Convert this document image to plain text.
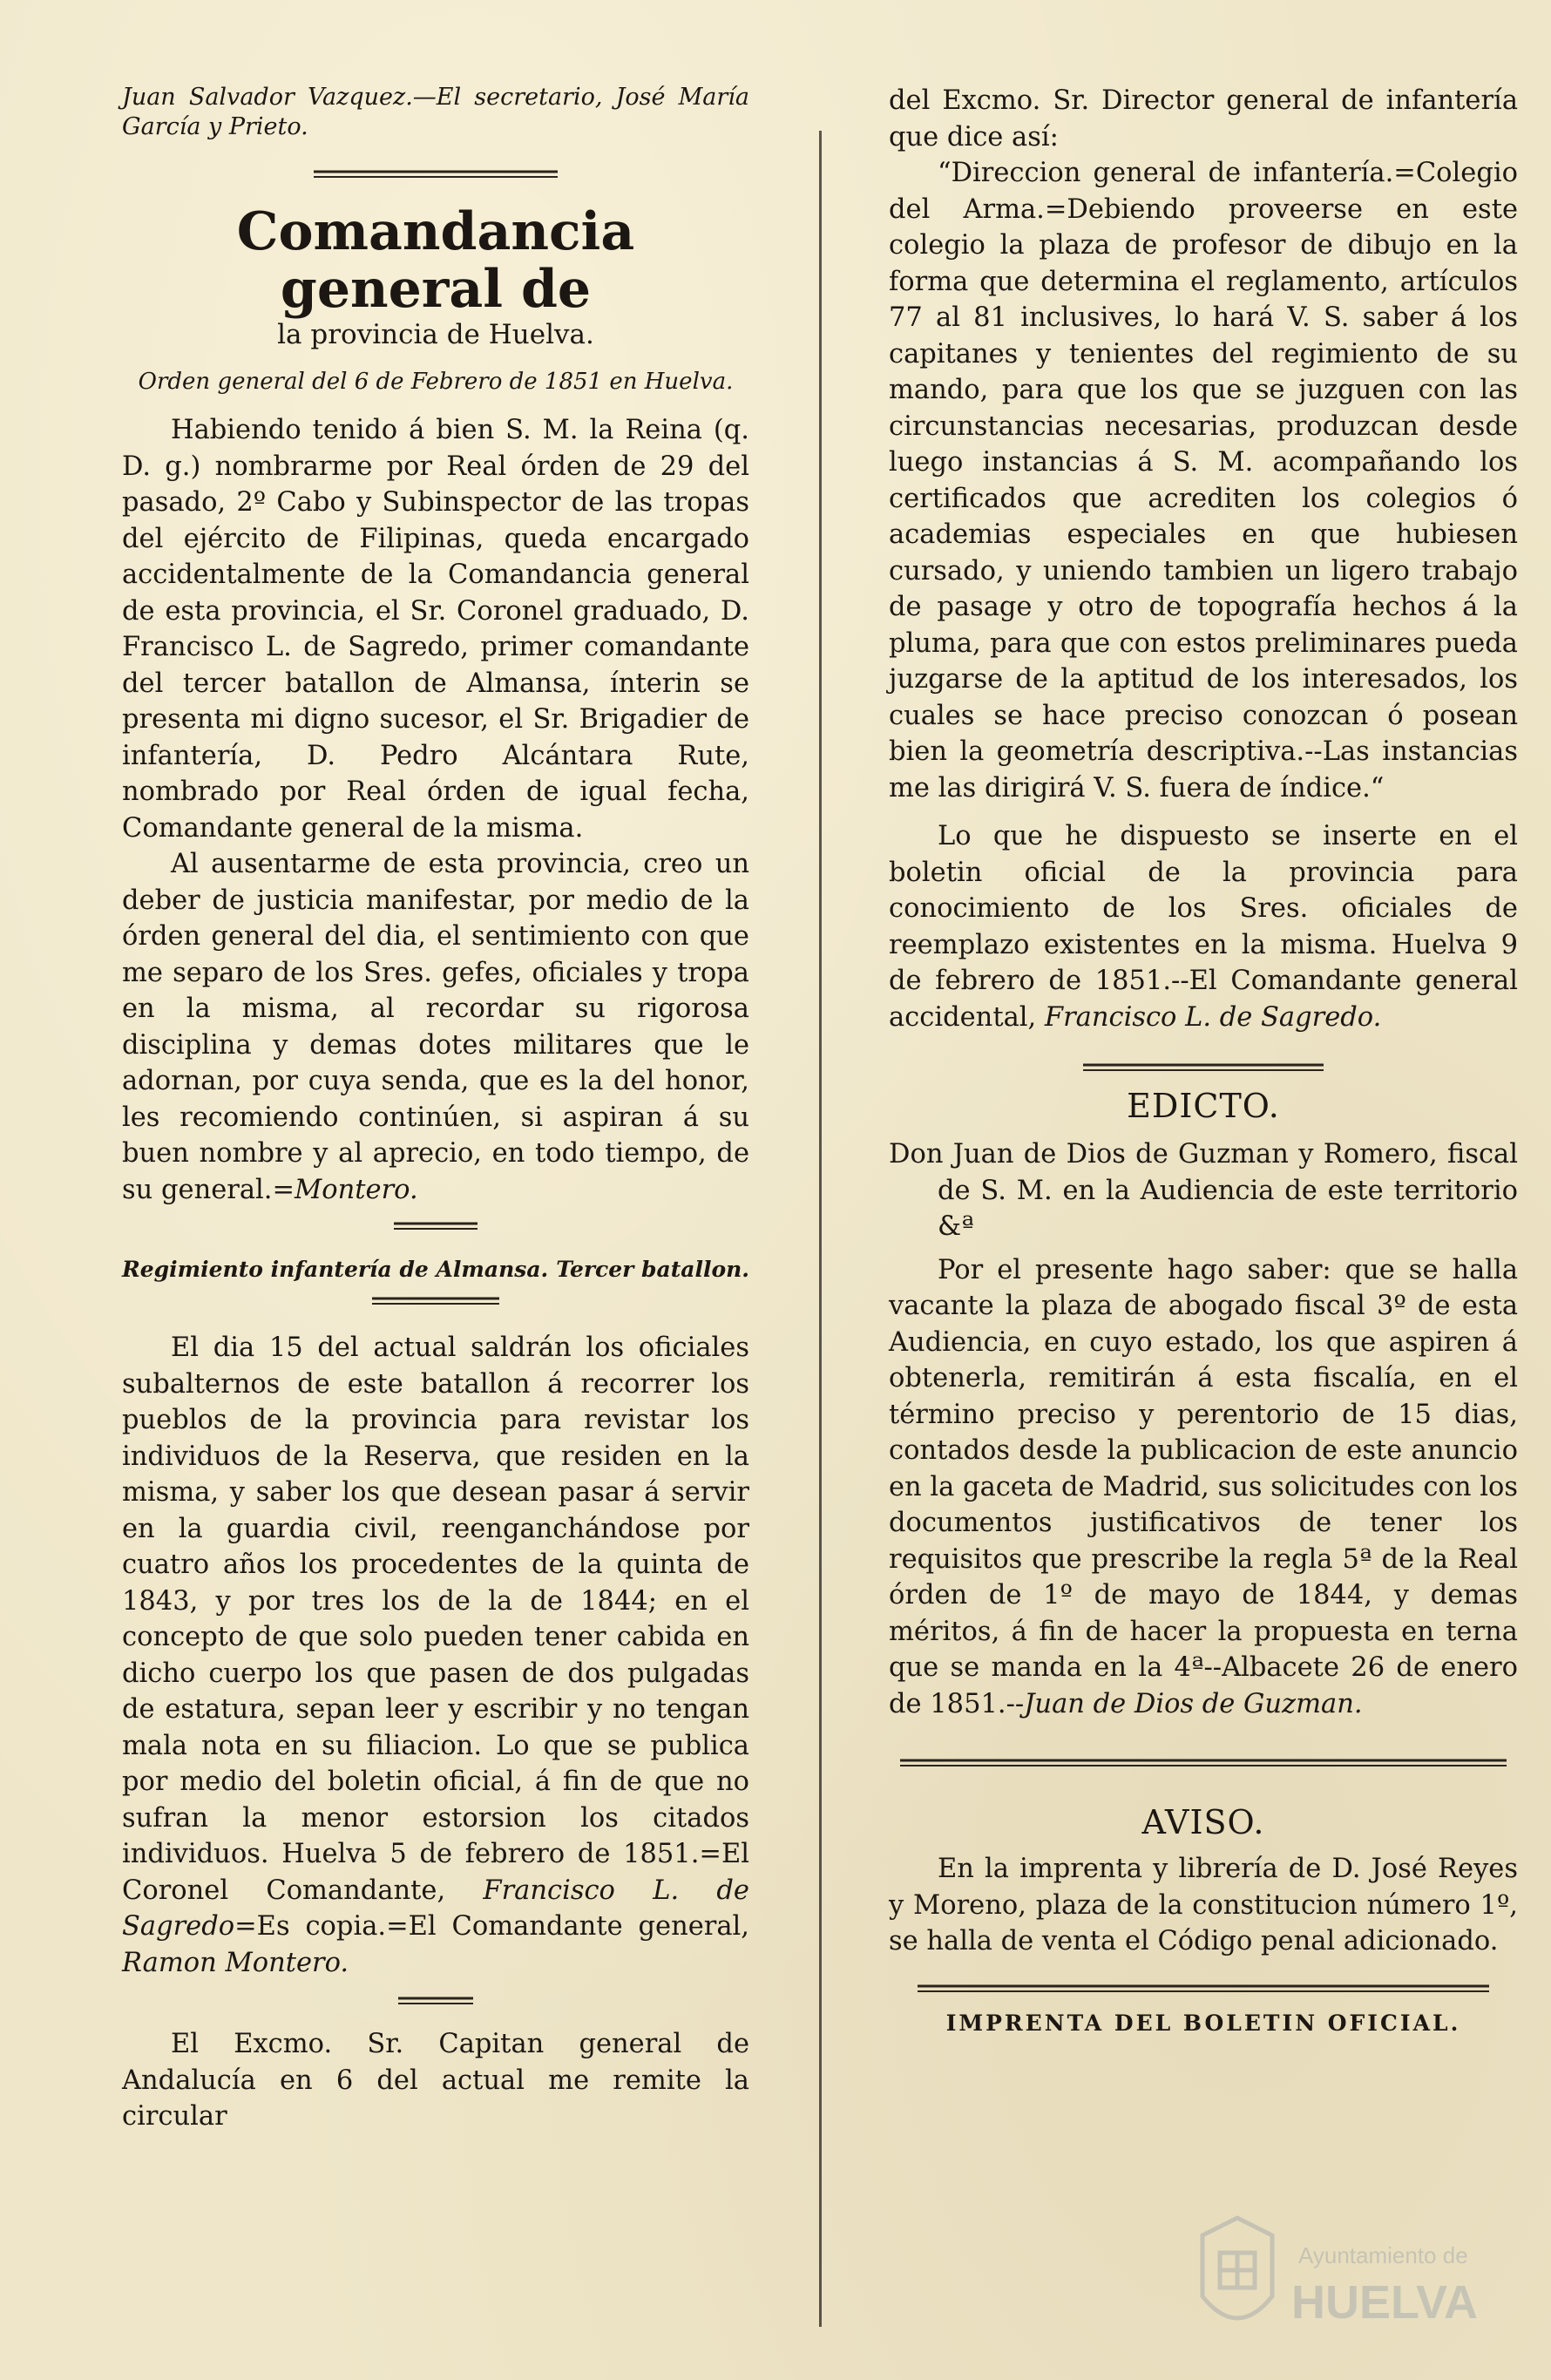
Juan Salvador Vazquez.—El secretario, José María García y Prieto.

Comandancia general de

la provincia de Huelva.

Orden general del 6 de Febrero de 1851 en Huelva.

Habiendo tenido á bien S. M. la Reina (q. D. g.) nombrarme por Real órden de 29 del pasado, 2º Cabo y Subinspector de las tropas del ejército de Filipinas, queda encargado accidentalmente de la Comandancia general de esta provincia, el Sr. Coronel graduado, D. Francisco L. de Sagredo, primer comandante del tercer batallon de Almansa, ínterin se presenta mi digno sucesor, el Sr. Brigadier de infantería, D. Pedro Alcántara Rute, nombrado por Real órden de igual fecha, Comandante general de la misma.

Al ausentarme de esta provincia, creo un deber de justicia manifestar, por medio de la órden general del dia, el sentimiento con que me separo de los Sres. gefes, oficiales y tropa en la misma, al recordar su rigorosa disciplina y demas dotes militares que le adornan, por cuya senda, que es la del honor, les recomiendo continúen, si aspiran á su buen nombre y al aprecio, en todo tiempo, de su general.=Montero.

Regimiento infantería de Almansa. Tercer batallon.

El dia 15 del actual saldrán los oficiales subalternos de este batallon á recorrer los pueblos de la provincia para revistar los individuos de la Reserva, que residen en la misma, y saber los que desean pasar á servir en la guardia civil, reenganchándose por cuatro años los procedentes de la quinta de 1843, y por tres los de la de 1844; en el concepto de que solo pueden tener cabida en dicho cuerpo los que pasen de dos pulgadas de estatura, sepan leer y escribir y no tengan mala nota en su filiacion. Lo que se publica por medio del boletin oficial, á fin de que no sufran la menor estorsion los citados individuos. Huelva 5 de febrero de 1851.=El Coronel Comandante, Francisco L. de Sagredo=Es copia.=El Comandante general, Ramon Montero.

El Excmo. Sr. Capitan general de Andalucía en 6 del actual me remite la circular

del Excmo. Sr. Director general de infantería que dice así:

“Direccion general de infantería.=Colegio del Arma.=Debiendo proveerse en este colegio la plaza de profesor de dibujo en la forma que determina el reglamento, artículos 77 al 81 inclusives, lo hará V. S. saber á los capitanes y tenientes del regimiento de su mando, para que los que se juzguen con las circunstancias necesarias, produzcan desde luego instancias á S. M. acompañando los certificados que acrediten los colegios ó academias especiales en que hubiesen cursado, y uniendo tambien un ligero trabajo de pasage y otro de topografía hechos á la pluma, para que con estos preliminares pueda juzgarse de la aptitud de los interesados, los cuales se hace preciso conozcan ó posean bien la geometría descriptiva.--Las instancias me las dirigirá V. S. fuera de índice.“

Lo que he dispuesto se inserte en el boletin oficial de la provincia para conocimiento de los Sres. oficiales de reemplazo existentes en la misma. Huelva 9 de febrero de 1851.--El Comandante general accidental, Francisco L. de Sagredo.

EDICTO.

Don Juan de Dios de Guzman y Romero, fiscal de S. M. en la Audiencia de este territorio &ª

Por el presente hago saber: que se halla vacante la plaza de abogado fiscal 3º de esta Audiencia, en cuyo estado, los que aspiren á obtenerla, remitirán á esta fiscalía, en el término preciso y perentorio de 15 dias, contados desde la publicacion de este anuncio en la gaceta de Madrid, sus solicitudes con los documentos justificativos de tener los requisitos que prescribe la regla 5ª de la Real órden de 1º de mayo de 1844, y demas méritos, á fin de hacer la propuesta en terna que se manda en la 4ª--Albacete 26 de enero de 1851.--Juan de Dios de Guzman.

AVISO.

En la imprenta y librería de D. José Reyes y Moreno, plaza de la constitucion número 1º, se halla de venta el Código penal adicionado.

IMPRENTA DEL BOLETIN OFICIAL.

Ayuntamiento de
HUELVA
